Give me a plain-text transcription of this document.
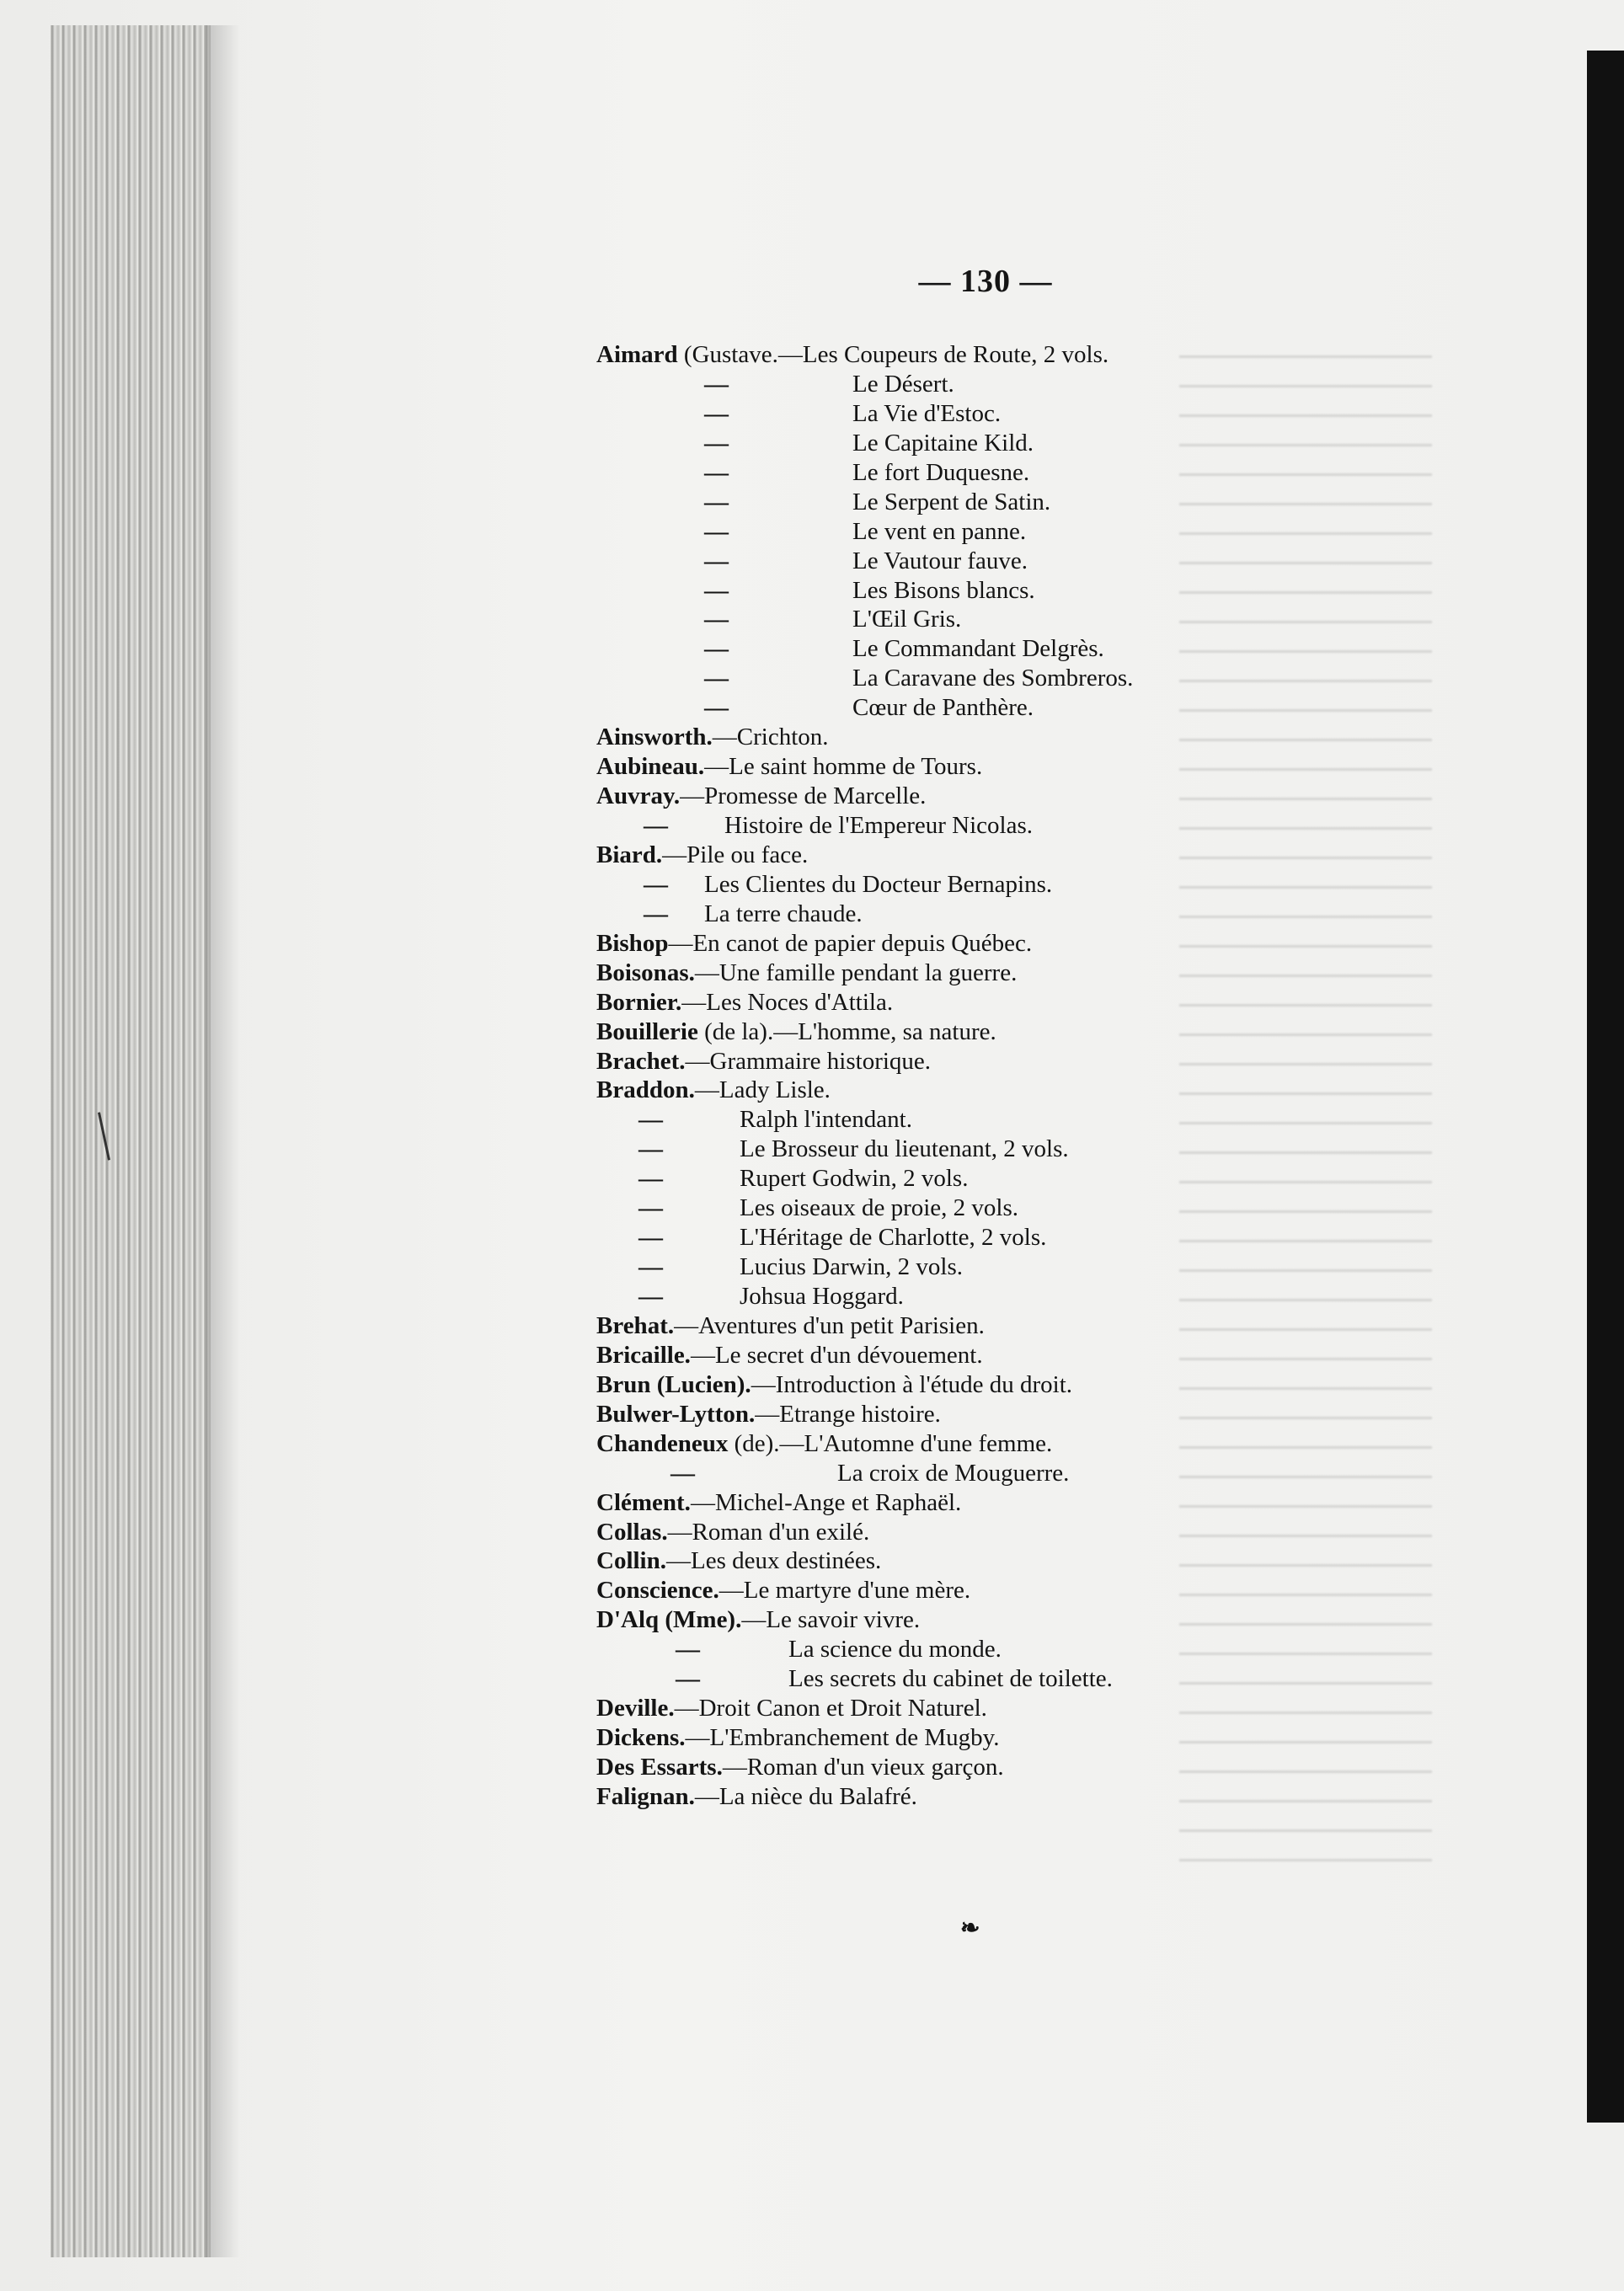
— 130 —
Aimard (Gustave.—Les Coupeurs de Route, 2 vols.
—
Le Désert.
—
La Vie d'Estoc.
—
Le Capitaine Kild.
—
Le fort Duquesne.
—
Le Serpent de Satin.
—
Le vent en panne.
—
Le Vautour fauve.
—
Les Bisons blancs.
—
L'Œil Gris.
—
Le Commandant Delgrès.
—
La Caravane des Sombreros.
—
Cœur de Panthère.
Ainsworth.—Crichton.
Aubineau.—Le saint homme de Tours.
Auvray.—Promesse de Marcelle.
—
Histoire de l'Empereur Nicolas.
Biard.—Pile ou face.
—
Les Clientes du Docteur Bernapins.
—
La terre chaude.
Bishop—En canot de papier depuis Québec.
Boisonas.—Une famille pendant la guerre.
Bornier.—Les Noces d'Attila.
Bouillerie (de la).—L'homme, sa nature.
Brachet.—Grammaire historique.
Braddon.—Lady Lisle.
—
Ralph l'intendant.
—
Le Brosseur du lieutenant, 2 vols.
—
Rupert Godwin, 2 vols.
—
Les oiseaux de proie, 2 vols.
—
L'Héritage de Charlotte, 2 vols.
—
Lucius Darwin, 2 vols.
—
Johsua Hoggard.
Brehat.—Aventures d'un petit Parisien.
Bricaille.—Le secret d'un dévouement.
Brun (Lucien).—Introduction à l'étude du droit.
Bulwer-Lytton.—Etrange histoire.
Chandeneux (de).—L'Automne d'une femme.
—
La croix de Mouguerre.
Clément.—Michel-Ange et Raphaël.
Collas.—Roman d'un exilé.
Collin.—Les deux destinées.
Conscience.—Le martyre d'une mère.
D'Alq (Mme).—Le savoir vivre.
—
La science du monde.
—
Les secrets du cabinet de toilette.
Deville.—Droit Canon et Droit Naturel.
Dickens.—L'Embranchement de Mugby.
Des Essarts.—Roman d'un vieux garçon.
Falignan.—La nièce du Balafré.
❧
